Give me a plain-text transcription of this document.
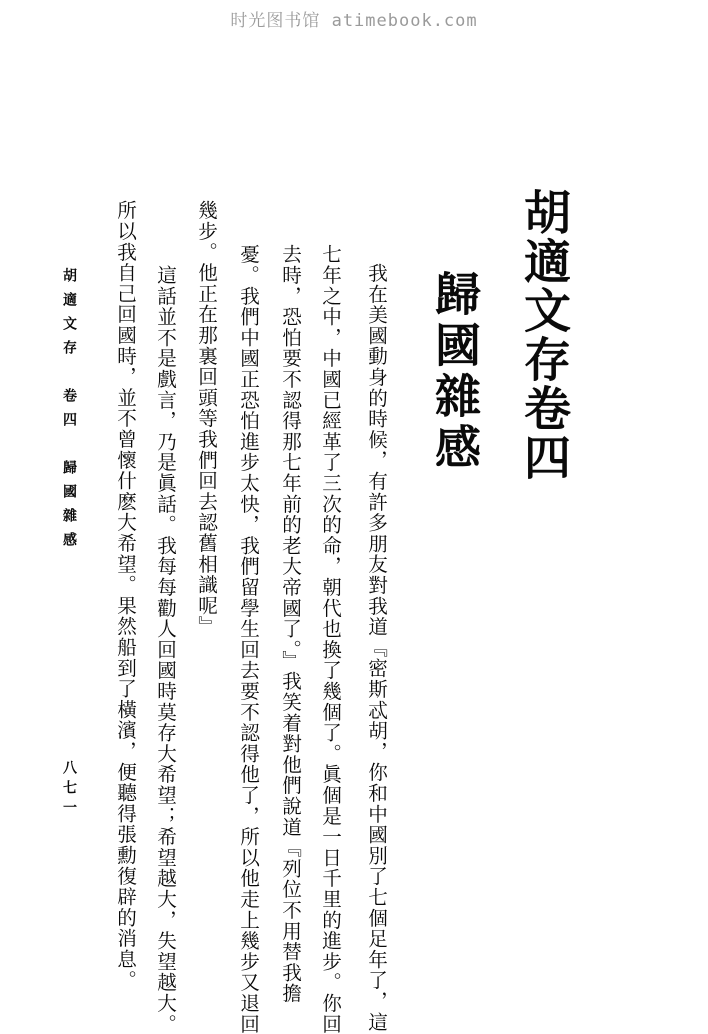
时光图书馆 atimebook.com
胡適文存卷四
歸國雜感
　我在美國動身的時候，有許多朋友對我道『密斯忒胡，你和中國別了七個足年了，這
七年之中，中國已經革了三次的命，朝代也換了幾個了。眞個是一日千里的進步。你回
去時，恐怕要不認得那七年前的老大帝國了。』我笑着對他們說道『列位不用替我擔
憂。我們中國正恐怕進步太快，我們留學生回去要不認得他了，所以他走上幾步又退回
幾步。他正在那裏回頭等我們回去認舊相識呢』
　這話並不是戲言，乃是眞話。我每每勸人回國時莫存大希望；希望越大，失望越大。
所以我自己回國時，並不曾懷什麽大希望。果然船到了橫濱，便聽得張勳復辟的消息。
胡適文存　卷四　歸國雜感
八七一
